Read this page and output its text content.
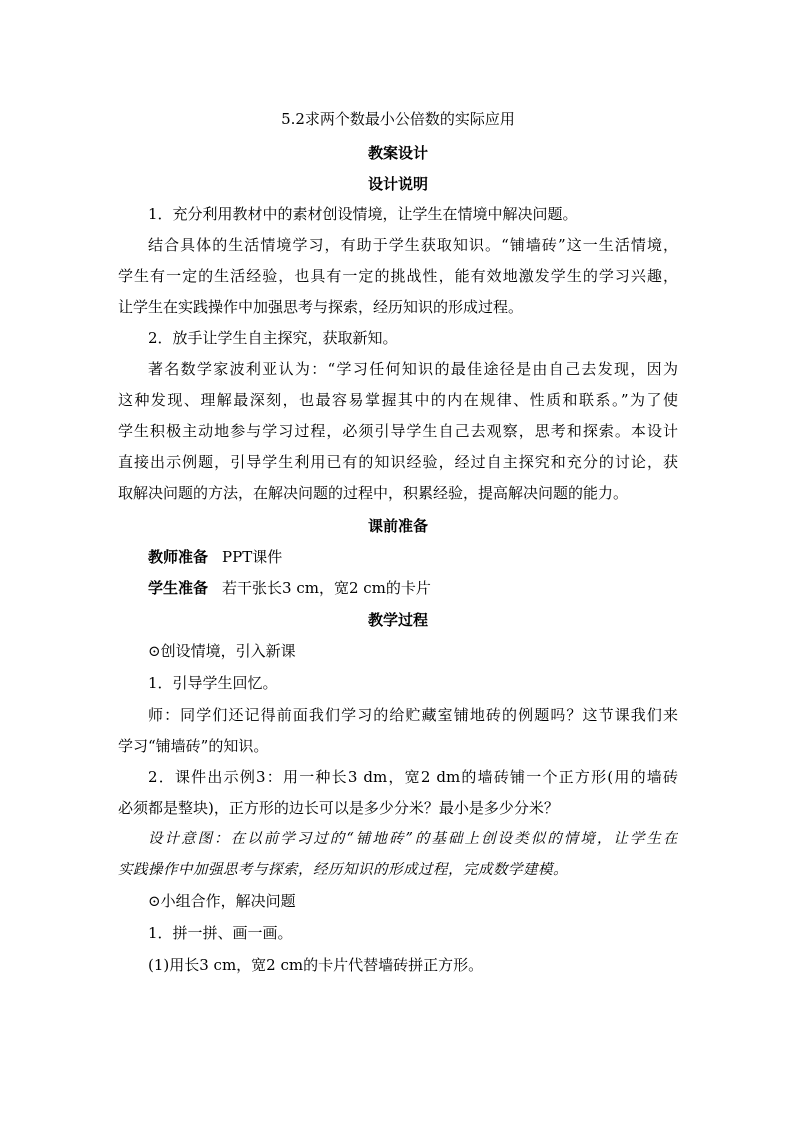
5.2求两个数最小公倍数的实际应用
教案设计
设计说明
1．充分利用教材中的素材创设情境，让学生在情境中解决问题。
结合具体的生活情境学习，有助于学生获取知识。“铺墙砖”这一生活情境，
学生有一定的生活经验，也具有一定的挑战性，能有效地激发学生的学习兴趣，
让学生在实践操作中加强思考与探索，经历知识的形成过程。
2．放手让学生自主探究，获取新知。
著名数学家波利亚认为：“学习任何知识的最佳途径是由自己去发现，因为
这种发现、理解最深刻，也最容易掌握其中的内在规律、性质和联系。”为了使
学生积极主动地参与学习过程，必须引导学生自己去观察，思考和探索。本设计
直接出示例题，引导学生利用已有的知识经验，经过自主探究和充分的讨论，获
取解决问题的方法，在解决问题的过程中，积累经验，提高解决问题的能力。
课前准备
教师准备 PPT课件
学生准备 若干张长3 cm，宽2 cm的卡片
教学过程
⊙创设情境，引入新课
1．引导学生回忆。
师：同学们还记得前面我们学习的给贮藏室铺地砖的例题吗？这节课我们来
学习“铺墙砖”的知识。
2．课件出示例3：用一种长3 dm，宽2 dm的墙砖铺一个正方形(用的墙砖
必须都是整块)，正方形的边长可以是多少分米？最小是多少分米？
设计意图：在以前学习过的“铺地砖”的基础上创设类似的情境，让学生在
实践操作中加强思考与探索，经历知识的形成过程，完成数学建模。
⊙小组合作，解决问题
1．拼一拼、画一画。
(1)用长3 cm，宽2 cm的卡片代替墙砖拼正方形。
